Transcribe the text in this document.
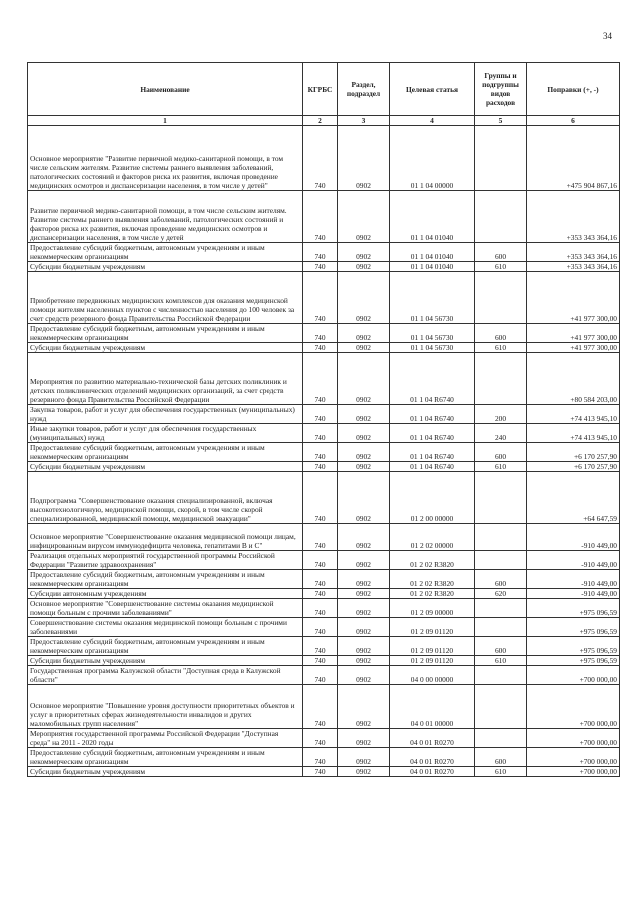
34
Наименование	КГРБС	Раздел, подраздел	Целевая статья	Группы и подгруппы видов расходов	Поправки (+, -)
1	2	3	4	5	6
Основное мероприятие "Развитие первичной медико-санитарной помощи, в том числе сельским жителям. Развитие системы раннего выявления заболеваний, патологических состояний и факторов риска их развития, включая проведение медицинских осмотров и диспансеризации населения, в том числе у детей"	740	0902	01 1 04 00000		+475 904 867,16
Развитие первичной медико-санитарной помощи, в том числе сельским жителям. Развитие системы раннего выявления заболеваний, патологических состояний и факторов риска их развития, включая проведение медицинских осмотров и диспансеризации населения, в том числе у детей	740	0902	01 1 04 01040		+353 343 364,16
Предоставление субсидий бюджетным, автономным учреждениям и иным некоммерческим организациям	740	0902	01 1 04 01040	600	+353 343 364,16
Субсидии бюджетным учреждениям	740	0902	01 1 04 01040	610	+353 343 364,16
Приобретение передвижных медицинских комплексов для оказания медицинской помощи жителям населенных пунктов с численностью населения до 100 человек за счет средств резервного фонда Правительства Российской Федерации	740	0902	01 1 04 56730		+41 977 300,00
Предоставление субсидий бюджетным, автономным учреждениям и иным некоммерческим организациям	740	0902	01 1 04 56730	600	+41 977 300,00
Субсидии бюджетным учреждениям	740	0902	01 1 04 56730	610	+41 977 300,00
Мероприятия по развитию материально-технической базы детских поликлиник и детских поликлинических отделений медицинских организаций, за счет средств резервного фонда Правительства Российской Федерации	740	0902	01 1 04 R6740		+80 584 203,00
Закупка товаров, работ и услуг для обеспечения государственных (муниципальных) нужд	740	0902	01 1 04 R6740	200	+74 413 945,10
Иные закупки товаров, работ и услуг для обеспечения государственных (муниципальных) нужд	740	0902	01 1 04 R6740	240	+74 413 945,10
Предоставление субсидий бюджетным, автономным учреждениям и иным некоммерческим организациям	740	0902	01 1 04 R6740	600	+6 170 257,90
Субсидии бюджетным учреждениям	740	0902	01 1 04 R6740	610	+6 170 257,90
Подпрограмма "Совершенствование оказания специализированной, включая высокотехнологичную, медицинской помощи, скорой, в том числе скорой специализированной, медицинской помощи, медицинской эвакуации"	740	0902	01 2 00 00000		+64 647,59
Основное мероприятие "Совершенствование оказания медицинской помощи лицам, инфицированным вирусом иммунодефицита человека, гепатитами В и С"	740	0902	01 2 02 00000		-910 449,00
Реализация отдельных мероприятий государственной программы Российской Федерации "Развитие здравоохранения"	740	0902	01 2 02 R3820		-910 449,00
Предоставление субсидий бюджетным, автономным учреждениям и иным некоммерческим организациям	740	0902	01 2 02 R3820	600	-910 449,00
Субсидии автономным учреждениям	740	0902	01 2 02 R3820	620	-910 449,00
Основное мероприятие "Совершенствование системы оказания медицинской помощи больным с прочими заболеваниями"	740	0902	01 2 09 00000		+975 096,59
Совершенствование системы оказания медицинской помощи больным с прочими заболеваниями	740	0902	01 2 09 01120		+975 096,59
Предоставление субсидий бюджетным, автономным учреждениям и иным некоммерческим организациям	740	0902	01 2 09 01120	600	+975 096,59
Субсидии бюджетным учреждениям	740	0902	01 2 09 01120	610	+975 096,59
Государственная программа Калужской области "Доступная среда в Калужской области"	740	0902	04 0 00 00000		+700 000,00
Основное мероприятие "Повышение уровня доступности приоритетных объектов и услуг в приоритетных сферах жизнедеятельности инвалидов и других маломобильных групп населения"	740	0902	04 0 01 00000		+700 000,00
Мероприятия государственной программы Российской Федерации "Доступная среда" на 2011 - 2020 годы	740	0902	04 0 01 R0270		+700 000,00
Предоставление субсидий бюджетным, автономным учреждениям и иным некоммерческим организациям	740	0902	04 0 01 R0270	600	+700 000,00
Субсидии бюджетным учреждениям	740	0902	04 0 01 R0270	610	+700 000,00
